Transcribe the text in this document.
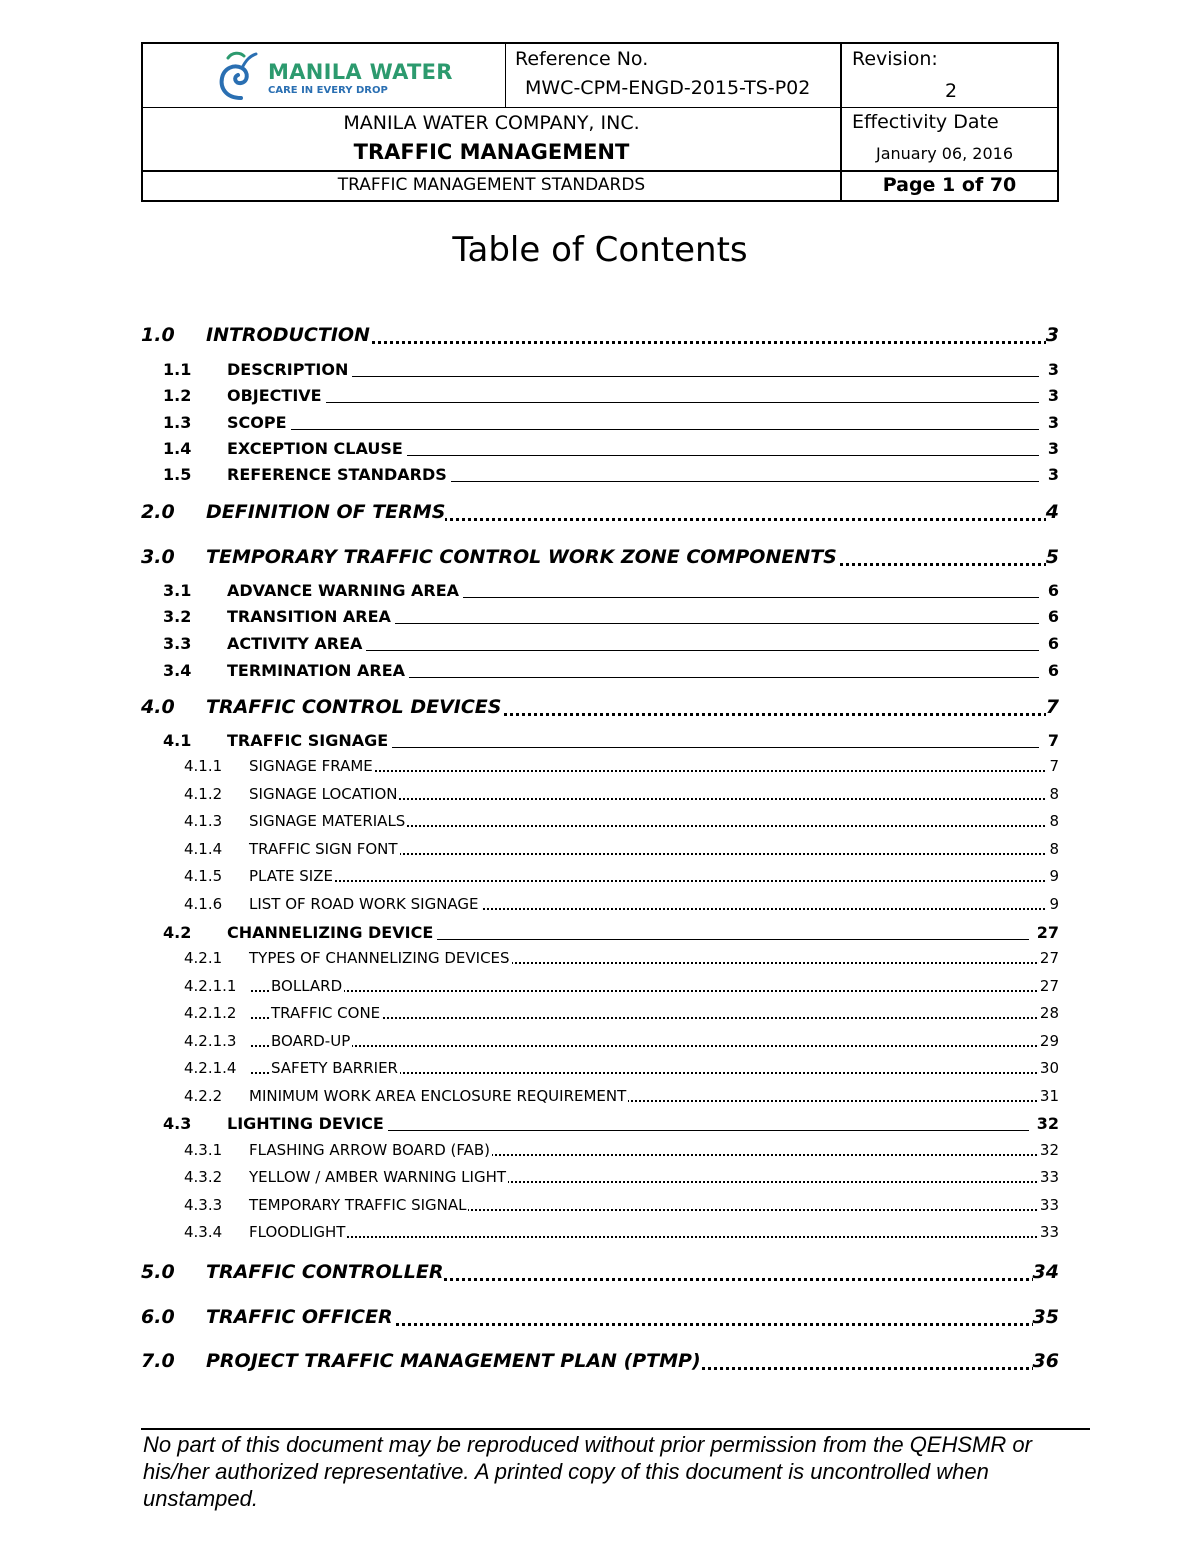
MANILA WATER
CARE IN EVERY DROP
Reference No.
MWC-CPM-ENGD-2015-TS-P02
Revision:
2
MANILA WATER COMPANY, INC.
TRAFFIC MANAGEMENT
Effectivity Date
January 06, 2016
TRAFFIC MANAGEMENT STANDARDS	Page 1 of 70
Table of Contents
1.0 INTRODUCTION	3
1.1 DESCRIPTION	3
1.2 OBJECTIVE	3
1.3 SCOPE	3
1.4 EXCEPTION CLAUSE	3
1.5 REFERENCE STANDARDS	3
2.0 DEFINITION OF TERMS	4
3.0 TEMPORARY TRAFFIC CONTROL WORK ZONE COMPONENTS	5
3.1 ADVANCE WARNING AREA	6
3.2 TRANSITION AREA	6
3.3 ACTIVITY AREA	6
3.4 TERMINATION AREA	6
4.0 TRAFFIC CONTROL DEVICES	7
4.1 TRAFFIC SIGNAGE	7
4.1.1 SIGNAGE FRAME	7
4.1.2 SIGNAGE LOCATION	8
4.1.3 SIGNAGE MATERIALS	8
4.1.4 TRAFFIC SIGN FONT	8
4.1.5 PLATE SIZE	9
4.1.6 LIST OF ROAD WORK SIGNAGE	9
4.2 CHANNELIZING DEVICE	27
4.2.1 TYPES OF CHANNELIZING DEVICES	27
4.2.1.1 BOLLARD	27
4.2.1.2 TRAFFIC CONE	28
4.2.1.3 BOARD-UP	29
4.2.1.4 SAFETY BARRIER	30
4.2.2 MINIMUM WORK AREA ENCLOSURE REQUIREMENT	31
4.3 LIGHTING DEVICE	32
4.3.1 FLASHING ARROW BOARD (FAB)	32
4.3.2 YELLOW / AMBER WARNING LIGHT	33
4.3.3 TEMPORARY TRAFFIC SIGNAL	33
4.3.4 FLOODLIGHT	33
5.0 TRAFFIC CONTROLLER	34
6.0 TRAFFIC OFFICER	35
7.0 PROJECT TRAFFIC MANAGEMENT PLAN (PTMP)	36
No part of this document may be reproduced without prior permission from the QEHSMR or his/her authorized representative. A printed copy of this document is uncontrolled when unstamped.
